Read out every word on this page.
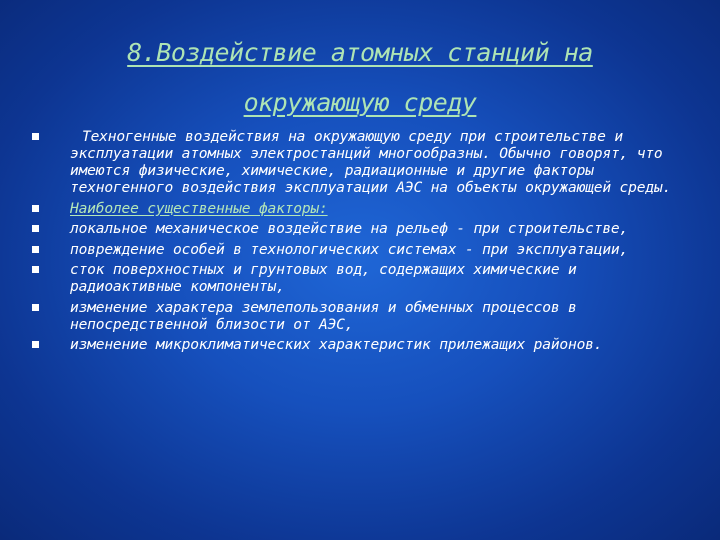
8.Воздействие атомных станций на
окружающую среду
Техногенные воздействия на окружающую среду при строительстве и эксплуатации атомных электростанций многообразны. Обычно говорят, что имеются физические, химические, радиационные и другие факторы техногенного воздействия эксплуатации АЭС на объекты окружающей среды.
Наиболее существенные факторы:
локальное механическое воздействие на рельеф - при строительстве,
повреждение особей в технологических системах - при эксплуатации,
сток поверхностных и грунтовых вод, содержащих химические и радиоактивные компоненты,
изменение характера землепользования и обменных процессов в непосредственной близости от АЭС,
изменение микроклиматических характеристик прилежащих районов.
